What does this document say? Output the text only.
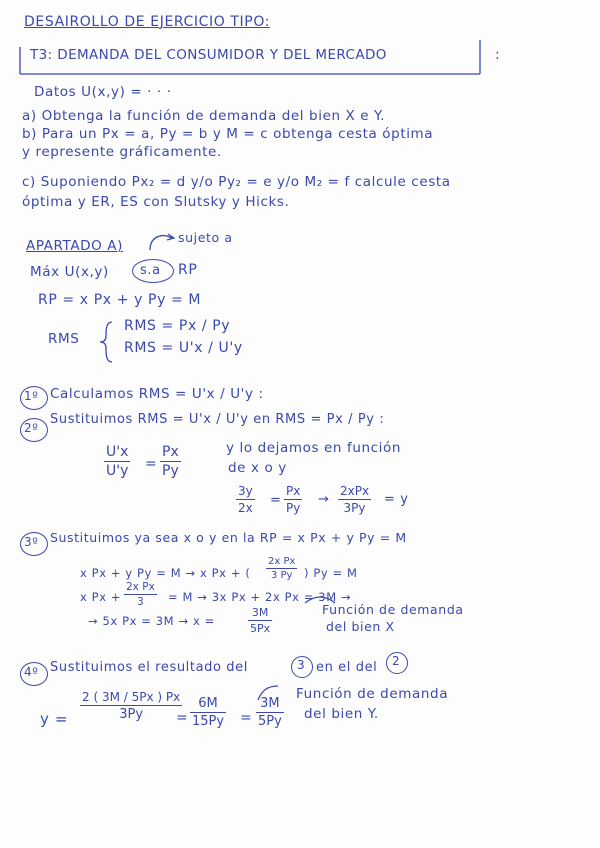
DESAIROLLO DE EJERCICIO TIPO:
T3: DEMANDA DEL CONSUMIDOR Y DEL MERCADO	:
Datos U(x,y) = · · ·
a) Obtenga la función de demanda del bien X e Y.
b) Para un Px = a, Py = b y M = c obtenga cesta óptima
y represente gráficamente.
c) Suponiendo Px₂ = d y/o Py₂ = e y/o M₂ = f calcule cesta
óptima y ER, ES con Slutsky y Hicks.
APARTADO A)
sujeto a
Máx U(x,y) s.a RP
RP = x Px + y Py = M
RMS
RMS = Px / Py
RMS = U'x / U'y
1º Calculamos RMS = U'x / U'y :
2º
Sustituimos RMS = U'x / U'y en RMS = Px / Py :
U'x
U'y =
Px
Py
y lo dejamos en función
de x o y
3y
2x =
Px
Py
→
2xPx
3Py
= y
3º Sustituimos ya sea x o y en la RP = x Px + y Py = M
x Px + y Py = M → x Px + (
2x Px
3 Py ) Py = M
x Px +
2x Px
3 = M → 3x Px + 2x Px = 3M →
→ 5x Px = 3M → x =
3M
5Px
Función de demanda
del bien X
4º Sustituimos el resultado del	3 en el del 2
y =
2 ( 3M / 5Px ) Px
3Py =
6M
15Py =
3M
5Py
Función de demanda
del bien Y.
